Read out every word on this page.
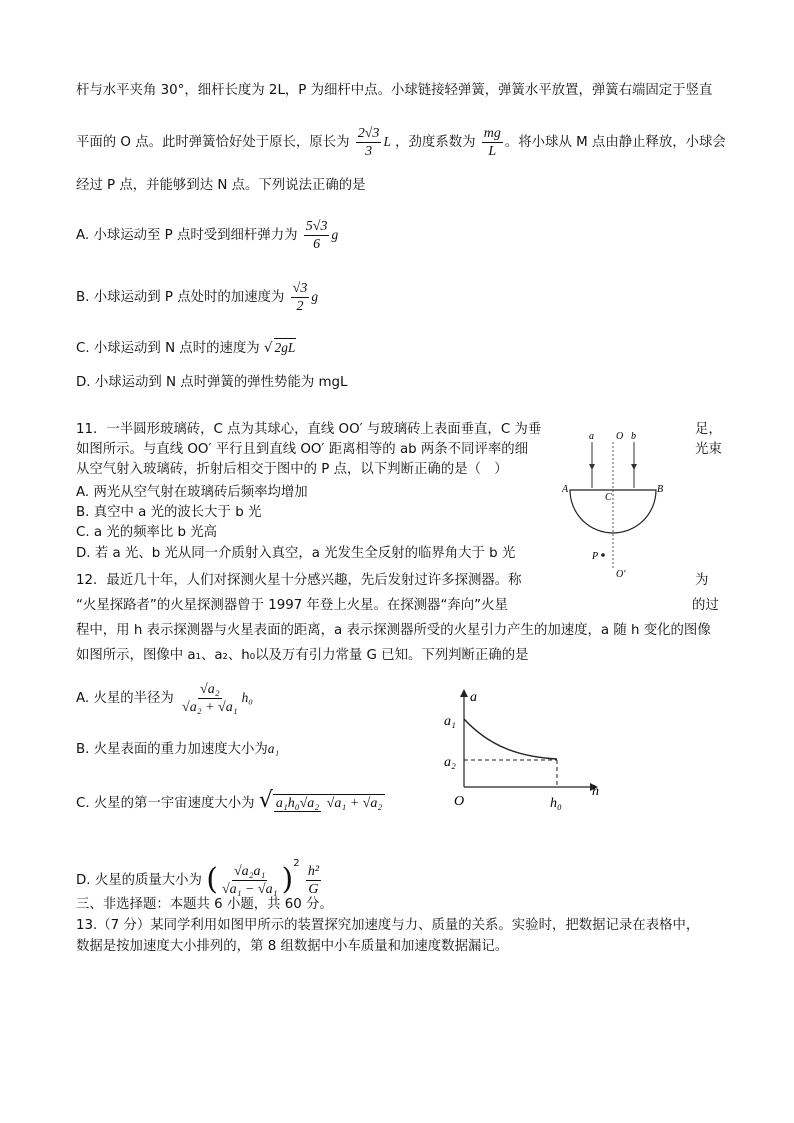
杆与水平夹角 30°，细杆长度为 2L，P 为细杆中点。小球链接轻弹簧，弹簧水平放置，弹簧右端固定于竖直
平面的 O 点。此时弹簧恰好处于原长，原长为 $\frac{2√3}{3}$ L ，劲度系数为 $\frac{mg}{L}$ 。将小球从 M 点由静止释放，小球会
经过 P 点，并能够到达 N 点。下列说法正确的是
A. 小球运动至 P 点时受到细杆弹力为 $\frac{5√3}{6}$ g
B. 小球运动到 P 点处时的加速度为 $\frac{√3}{2}$ g
C. 小球运动到 N 点时的速度为 √ 2gL
D. 小球运动到 N 点时弹簧的弹性势能为 mgL
11．一半圆形玻璃砖，C 点为其球心，直线 OO′ 与玻璃砖上表面垂直，C 为垂	足，
如图所示。与直线 OO′ 平行且到直线 OO′ 距离相等的 ab 两条不同评率的细	光束
从空气射入玻璃砖，折射后相交于图中的 P 点，以下判断正确的是（　）
A. 两光从空气射在玻璃砖后频率均增加
B. 真空中 a 光的波长大于 b 光
C. a 光的频率比 b 光高
D. 若 a 光、b 光从同一介质射入真空，a 光发生全反射的临界角大于 b 光
a O b
A
C
B
P
O′
12．最近几十年，人们对探测火星十分感兴趣，先后发射过许多探测器。称	为
“火星探路者”的火星探测器曾于 1997 年登上火星。在探测器“奔向”火星	的过
程中，用 h 表示探测器与火星表面的距离，a 表示探测器所受的火星引力产生的加速度，a 随 h 变化的图像
如图所示，图像中 a₁、a₂、h₀以及万有引力常量 G 已知。下列判断正确的是
A. 火星的半径为 $\frac{\text{√a₂}}{\text{√a₂ + √a₁}} h_0$
B. 火星表面的重力加速度大小为a₁
C. 火星的第一宇宙速度大小为 √ a₁h₀√a₂ √a₁ + √a₂
D. 火星的质量大小为 ( $\frac{\text{√a₂a₁}}{\text{√a₁ − √a₁}} )^2 \frac{\text{h²}}{G}$
a
a₁
a₂
O	h₀
h
三、非选择题：本题共 6 小题，共 60 分。
13.（7 分）某同学利用如图甲所示的装置探究加速度与力、质量的关系。实验时，把数据记录在表格中，
数据是按加速度大小排列的，第 8 组数据中小车质量和加速度数据漏记。
